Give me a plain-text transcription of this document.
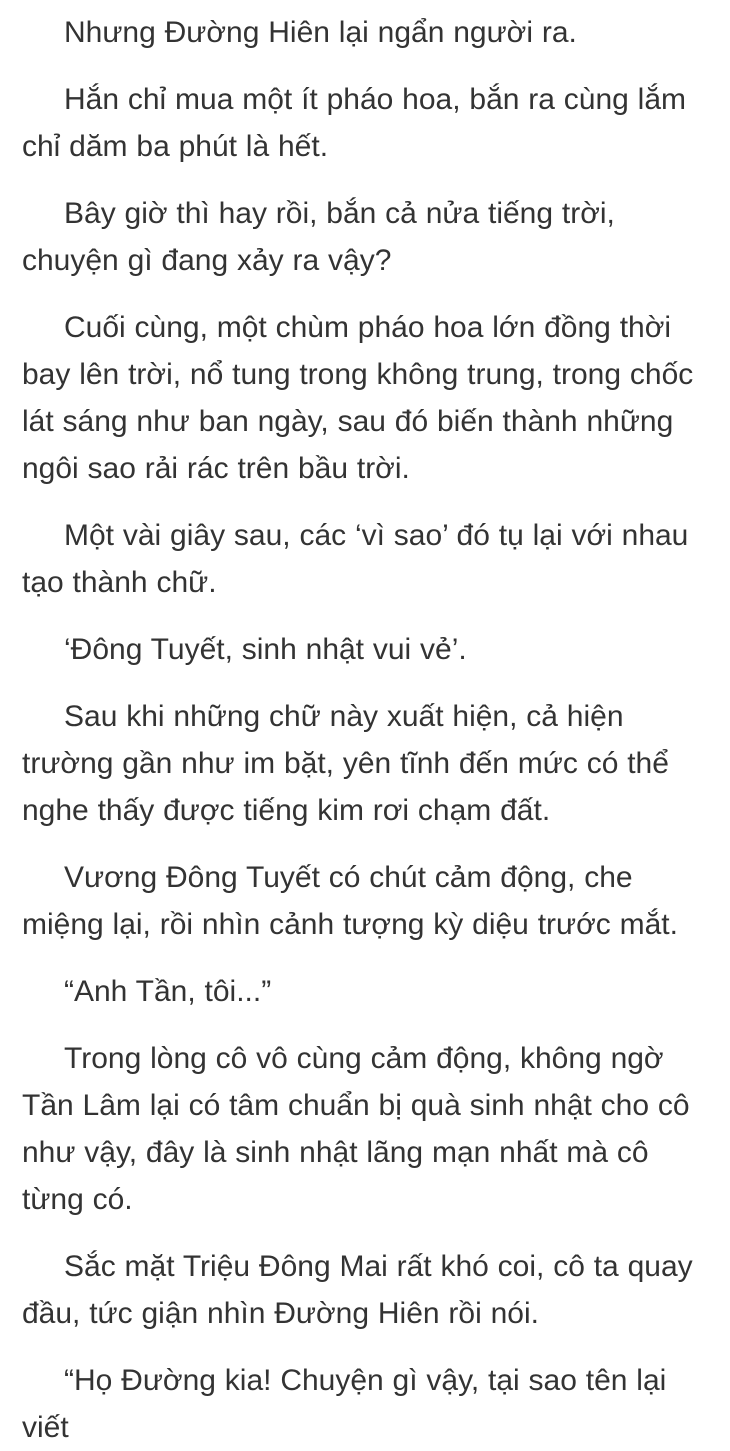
Nhưng Đường Hiên lại ngẩn người ra.

Hắn chỉ mua một ít pháo hoa, bắn ra cùng lắm chỉ dăm ba phút là hết.

Bây giờ thì hay rồi, bắn cả nửa tiếng trời, chuyện gì đang xảy ra vậy?

Cuối cùng, một chùm pháo hoa lớn đồng thời bay lên trời, nổ tung trong không trung, trong chốc lát sáng như ban ngày, sau đó biến thành những ngôi sao rải rác trên bầu trời.

Một vài giây sau, các ‘vì sao’ đó tụ lại với nhau tạo thành chữ.

‘Đông Tuyết, sinh nhật vui vẻ’.

Sau khi những chữ này xuất hiện, cả hiện trường gần như im bặt, yên tĩnh đến mức có thể nghe thấy được tiếng kim rơi chạm đất.

Vương Đông Tuyết có chút cảm động, che miệng lại, rồi nhìn cảnh tượng kỳ diệu trước mắt.

“Anh Tần, tôi...”

Trong lòng cô vô cùng cảm động, không ngờ Tần Lâm lại có tâm chuẩn bị quà sinh nhật cho cô như vậy, đây là sinh nhật lãng mạn nhất mà cô từng có.

Sắc mặt Triệu Đông Mai rất khó coi, cô ta quay đầu, tức giận nhìn Đường Hiên rồi nói.

“Họ Đường kia! Chuyện gì vậy, tại sao tên lại viết
